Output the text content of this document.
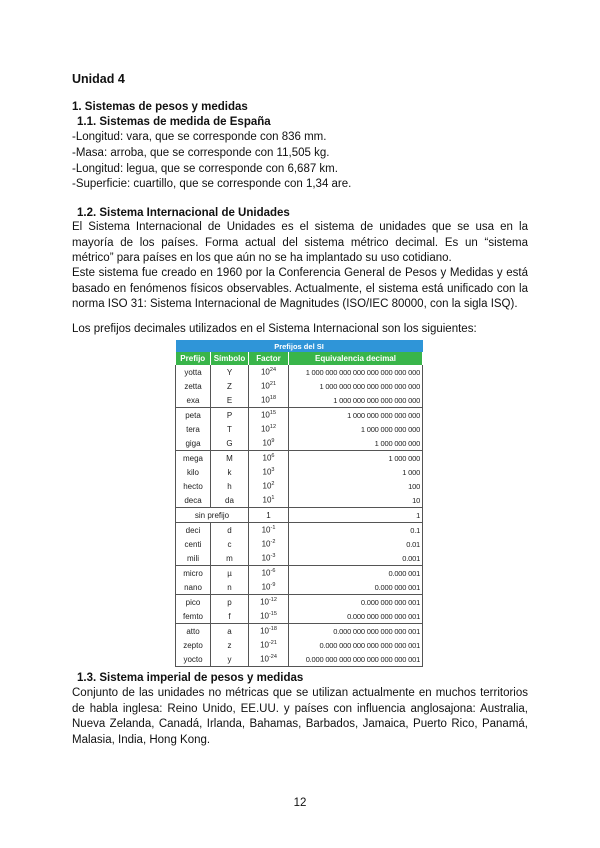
Unidad 4
1. Sistemas de pesos y medidas
1.1. Sistemas de medida de España
-Longitud: vara, que se corresponde con 836 mm.
-Masa: arroba, que se corresponde con 11,505 kg.
-Longitud: legua, que se corresponde con 6,687 km.
-Superficie: cuartillo, que se corresponde con 1,34 are.
1.2. Sistema Internacional de Unidades
El Sistema Internacional de Unidades es el sistema de unidades que se usa en la mayoría de los países. Forma actual del sistema métrico decimal. Es un “sistema métrico” para países en los que aún no se ha implantado su uso cotidiano.
Este sistema fue creado en 1960 por la Conferencia General de Pesos y Medidas y está basado en fenómenos físicos observables. Actualmente, el sistema está unificado con la norma ISO 31: Sistema Internacional de Magnitudes (ISO/IEC 80000, con la sigla ISQ).
Los prefijos decimales utilizados en el Sistema Internacional son los siguientes:
Prefijos del SI			
Prefijo	Símbolo	Factor	Equivalencia decimal
yotta	Y	$10^{24}$	1 000 000 000 000 000 000 000 000
zetta	Z	$10^{21}$	1 000 000 000 000 000 000 000
exa	E	$10^{18}$	1 000 000 000 000 000 000
peta	P	$10^{15}$	1 000 000 000 000 000
tera	T	$10^{12}$	1 000 000 000 000
giga	G	$10^9$	1 000 000 000
mega	M	$10^6$	1 000 000
kilo	k	$10^3$	1 000
hecto	h	$10^2$	100
deca	da	$10^1$	10
sin prefijo		1	1
deci	d	$10^{-1}$	0.1
centi	c	$10^{-2}$	0.01
mili	m	$10^{-3}$	0.001
micro	µ	$10^{-6}$	0.000 001
nano	n	$10^{-9}$	0.000 000 001
pico	p	$10^{-12}$	0.000 000 000 001
femto	f	$10^{-15}$	0.000 000 000 000 001
atto	a	$10^{-18}$	0.000 000 000 000 000 001
zepto	z	$10^{-21}$	0.000 000 000 000 000 000 001
yocto	y	$10^{-24}$	0.000 000 000 000 000 000 000 001
1.3. Sistema imperial de pesos y medidas
Conjunto de las unidades no métricas que se utilizan actualmente en muchos territorios de habla inglesa: Reino Unido, EE.UU. y países con influencia anglosajona: Australia, Nueva Zelanda, Canadá, Irlanda, Bahamas, Barbados, Jamaica, Puerto Rico, Panamá, Malasia, India, Hong Kong.
12
